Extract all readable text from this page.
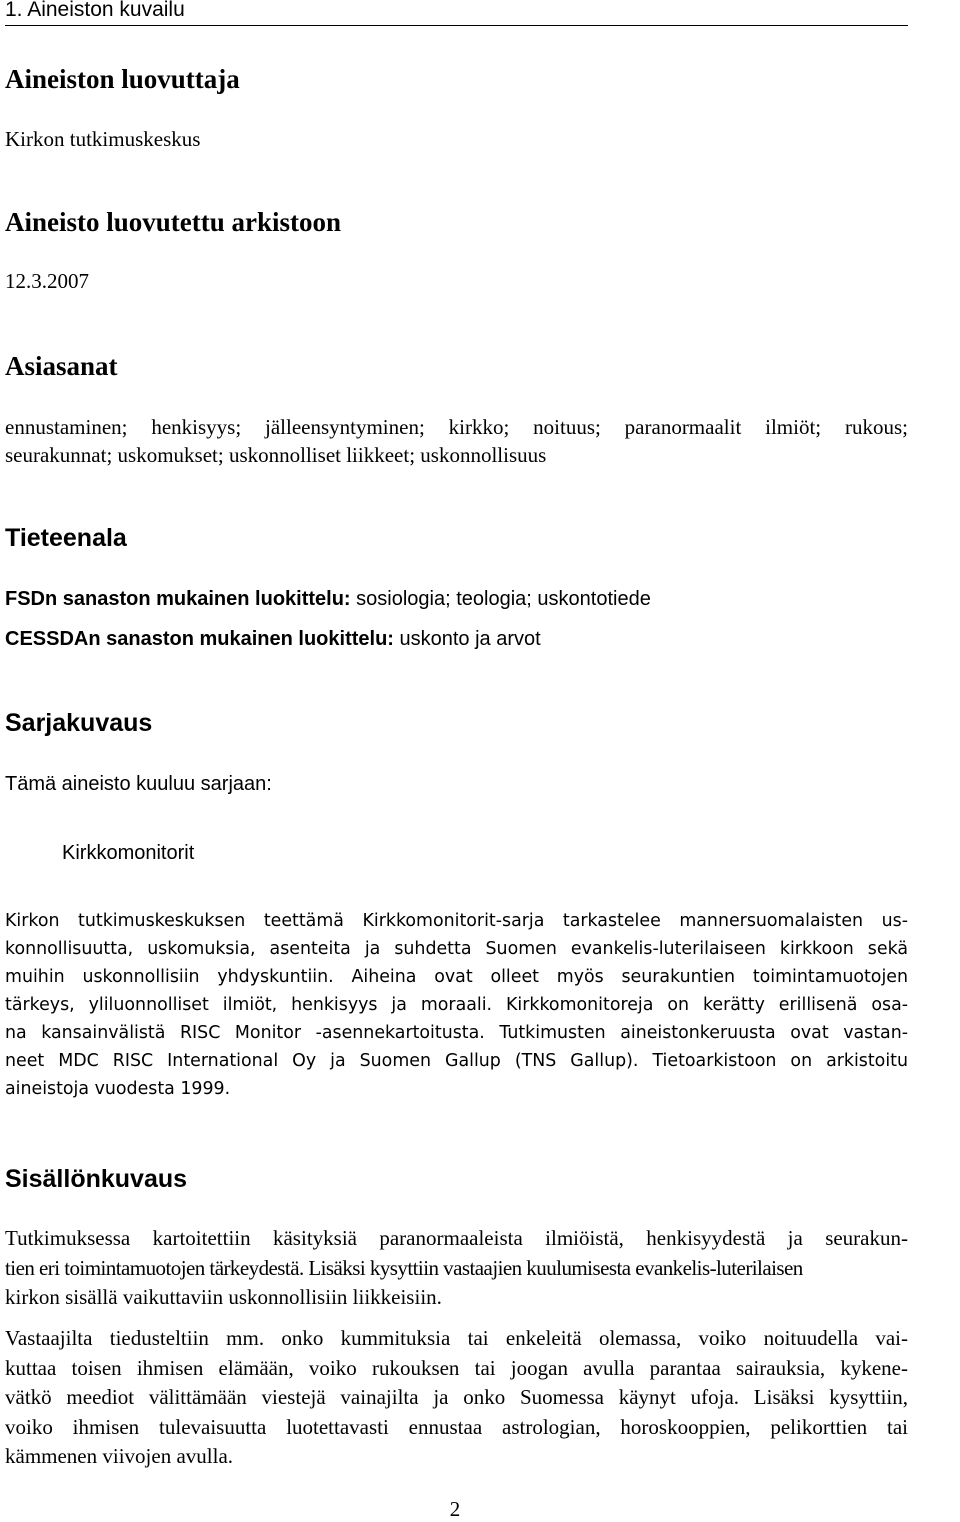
1. Aineiston kuvailu
Aineiston luovuttaja
Kirkon tutkimuskeskus
Aineisto luovutettu arkistoon
12.3.2007
Asiasanat
ennustaminen; henkisyys; jälleensyntyminen; kirkko; noituus; paranormaalit ilmiöt; rukous;
seurakunnat; uskomukset; uskonnolliset liikkeet; uskonnollisuus
Tieteenala
FSDn sanaston mukainen luokittelu: sosiologia; teologia; uskontotiede
CESSDAn sanaston mukainen luokittelu: uskonto ja arvot
Sarjakuvaus
Tämä aineisto kuuluu sarjaan:
Kirkkomonitorit
Kirkon tutkimuskeskuksen teettämä Kirkkomonitorit-sarja tarkastelee mannersuomalaisten us-
konnollisuutta, uskomuksia, asenteita ja suhdetta Suomen evankelis-luterilaiseen kirkkoon sekä
muihin uskonnollisiin yhdyskuntiin. Aiheina ovat olleet myös seurakuntien toimintamuotojen
tärkeys, yliluonnolliset ilmiöt, henkisyys ja moraali. Kirkkomonitoreja on kerätty erillisenä osa-
na kansainvälistä RISC Monitor -asennekartoitusta. Tutkimusten aineistonkeruusta ovat vastan-
neet MDC RISC International Oy ja Suomen Gallup (TNS Gallup). Tietoarkistoon on arkistoitu
aineistoja vuodesta 1999.
Sisällönkuvaus
Tutkimuksessa kartoitettiin käsityksiä paranormaaleista ilmiöistä, henkisyydestä ja seurakun-
tien eri toimintamuotojen tärkeydestä. Lisäksi kysyttiin vastaajien kuulumisesta evankelis-luterilaisen
kirkon sisällä vaikuttaviin uskonnollisiin liikkeisiin.
Vastaajilta tiedusteltiin mm. onko kummituksia tai enkeleitä olemassa, voiko noituudella vai-
kuttaa toisen ihmisen elämään, voiko rukouksen tai joogan avulla parantaa sairauksia, kykene-
vätkö meediot välittämään viestejä vainajilta ja onko Suomessa käynyt ufoja. Lisäksi kysyttiin,
voiko ihmisen tulevaisuutta luotettavasti ennustaa astrologian, horoskooppien, pelikorttien tai
kämmenen viivojen avulla.
2
